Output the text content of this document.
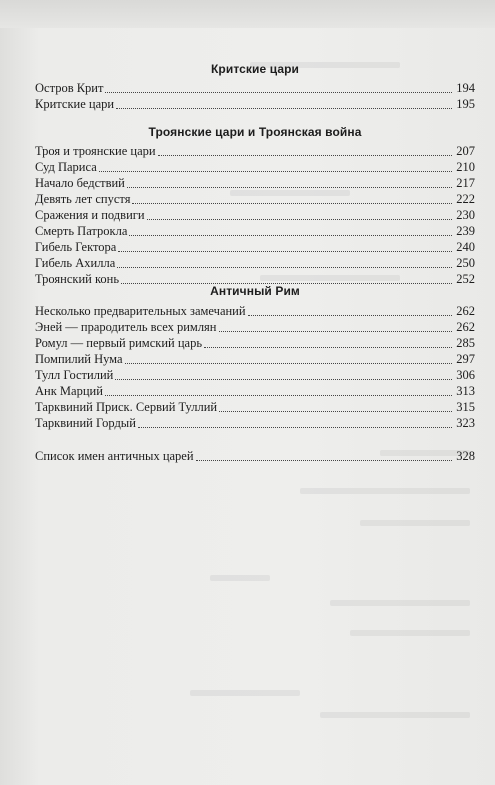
Критские цари
Остров Крит	194
Критские цари	195
Троянские цари и Троянская война
Троя и троянские цари	207
Суд Париса	210
Начало бедствий	217
Девять лет спустя	222
Сражения и подвиги	230
Смерть Патрокла	239
Гибель Гектора	240
Гибель Ахилла	250
Троянский конь	252
Античный Рим
Несколько предварительных замечаний	262
Эней — прародитель всех римлян	262
Ромул — первый римский царь	285
Помпилий Нума	297
Тулл Гостилий	306
Анк Марций	313
Тарквиний Приск. Сервий Туллий	315
Тарквиний Гордый	323
Список имен античных царей	328
